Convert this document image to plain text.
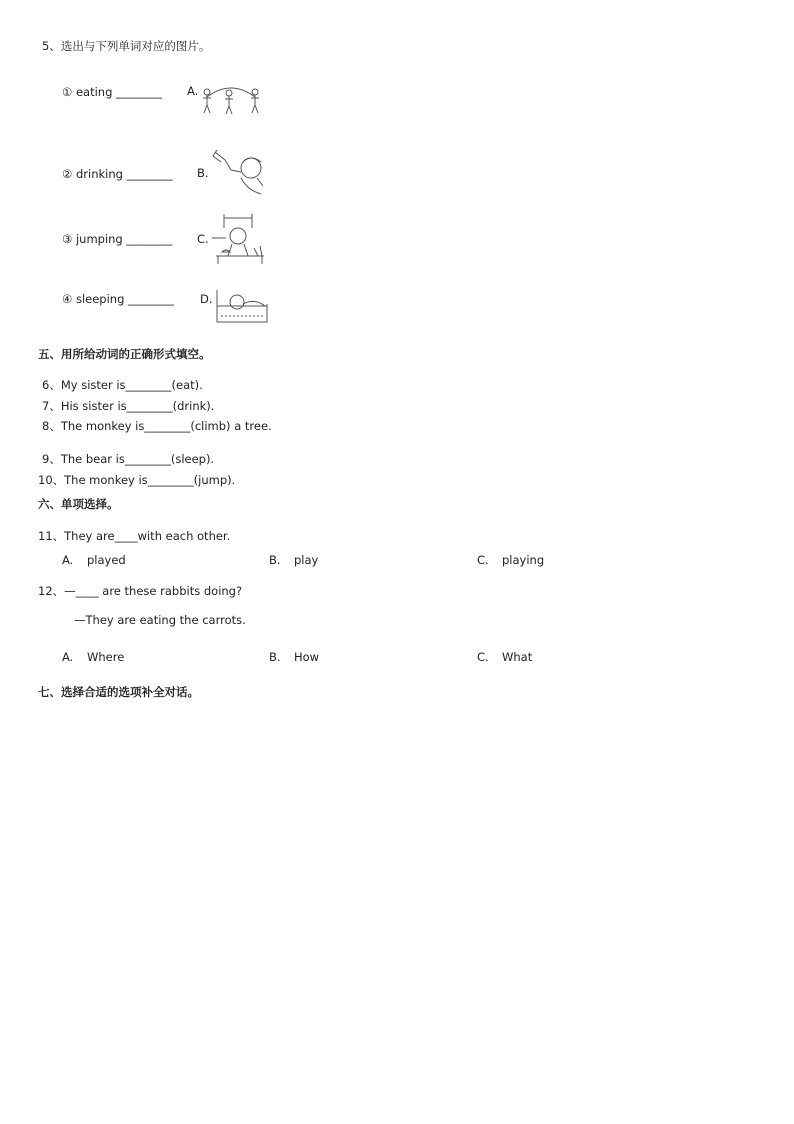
5、选出与下列单词对应的图片。
① eating ________ A.
② drinking ________ B.
③ jumping ________ C.
④ sleeping ________ D.
五、用所给动词的正确形式填空。
6、My sister is________(eat).
7、His sister is________(drink).
8、The monkey is________(climb) a tree.
9、The bear is________(sleep).
10、The monkey is________(jump).
六、单项选择。
11、They are____with each other.
A. played	B. play	C. playing
12、—____ are these rabbits doing?
—They are eating the carrots.
A. Where	B. How	C. What
七、选择合适的选项补全对话。
